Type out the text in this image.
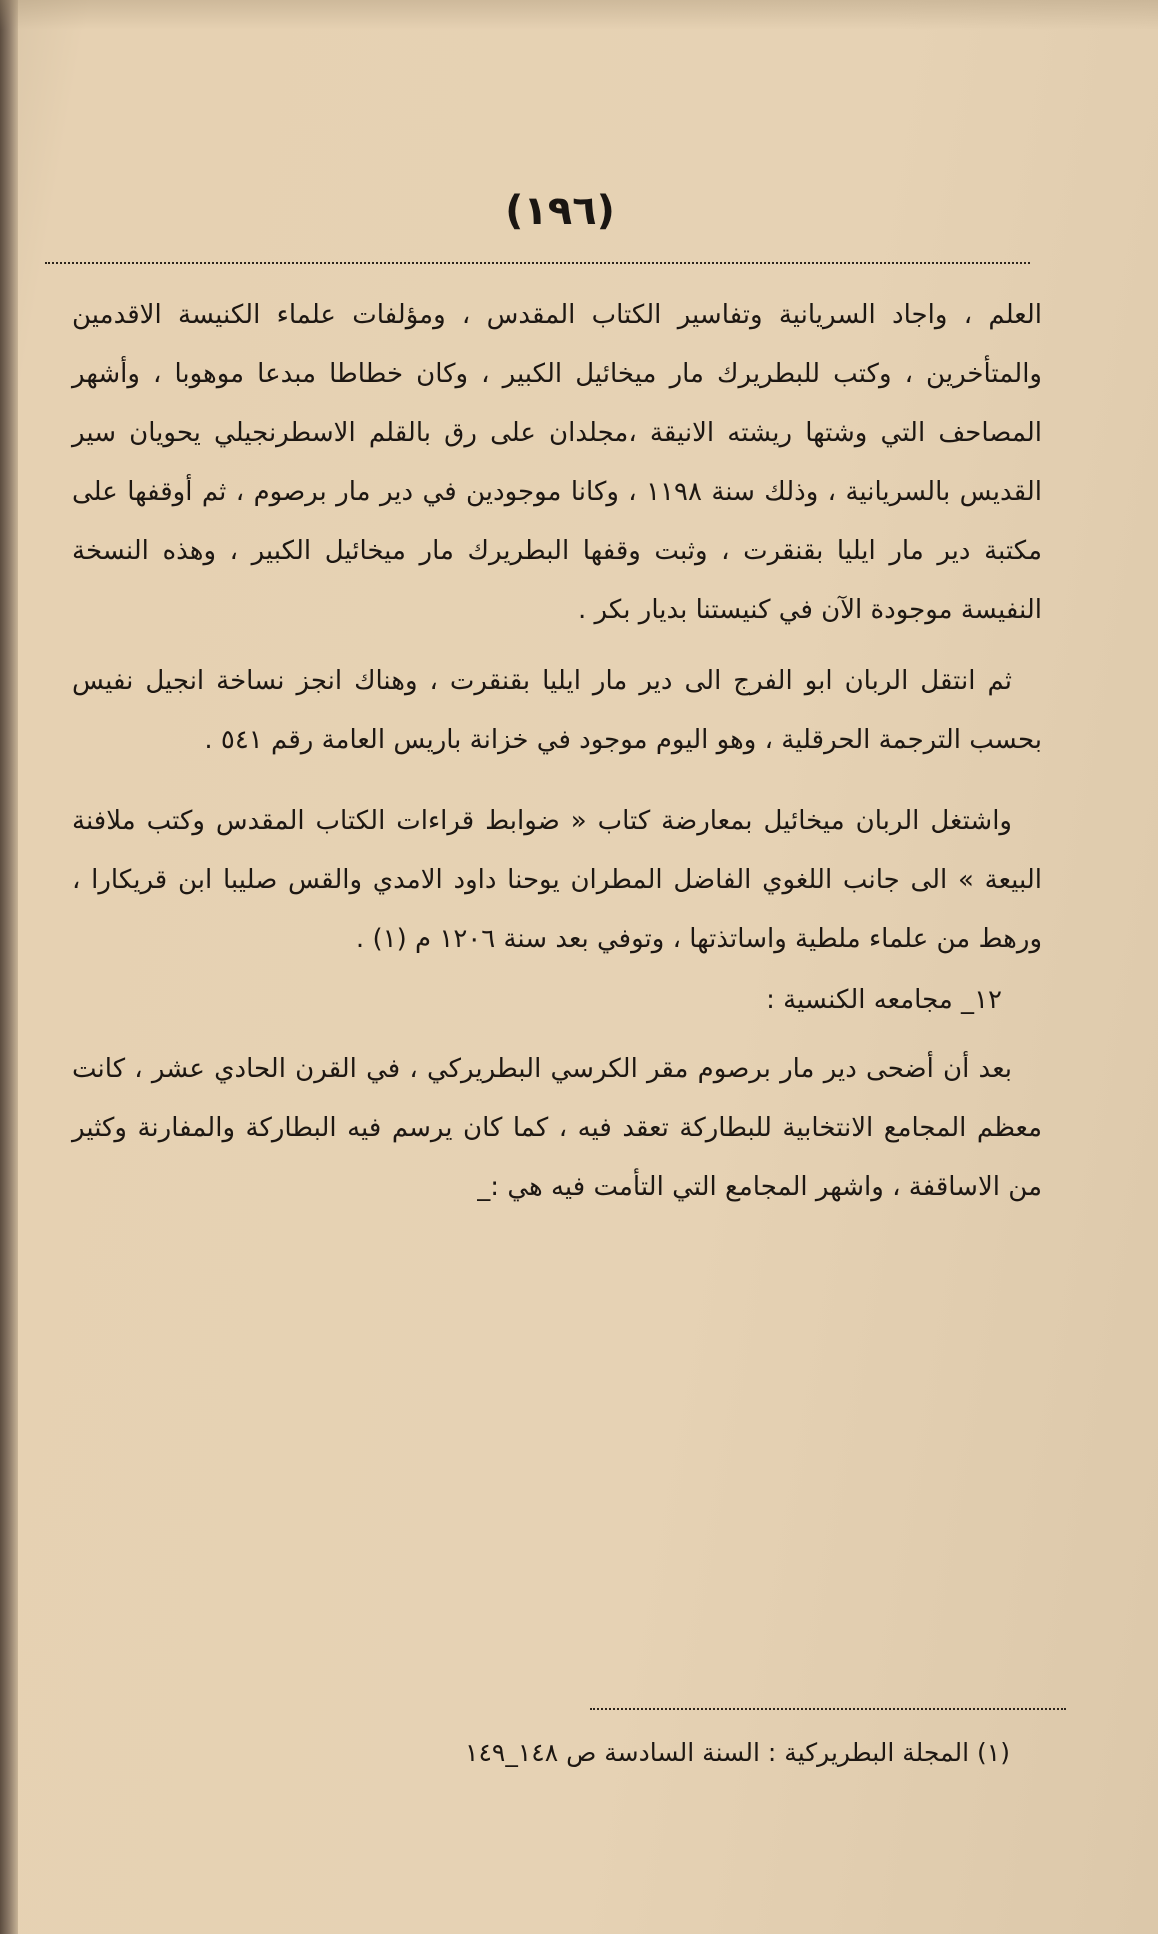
(١٩٦)

العلم ، واجاد السريانية وتفاسير الكتاب المقدس ، ومؤلفات علماء الكنيسة الاقدمين والمتأخرين ، وكتب للبطريرك مار ميخائيل الكبير ، وكان خطاطا مبدعا موهوبا ، وأشهر المصاحف التي وشتها ريشته الانيقة ،مجلدان على رق بالقلم الاسطرنجيلي يحويان سير القديس بالسريانية ، وذلك سنة ١١٩٨ ، وكانا موجودين في دير مار برصوم ، ثم أوقفها على مكتبة دير مار ايليا بقنقرت ، وثبت وقفها البطريرك مار ميخائيل الكبير ، وهذه النسخة النفيسة موجودة الآن في كنيستنا بديار بكر .

ثم انتقل الربان ابو الفرج الى دير مار ايليا بقنقرت ، وهناك انجز نساخة انجيل نفيس بحسب الترجمة الحرقلية ، وهو اليوم موجود في خزانة باريس العامة رقم ٥٤١ .

واشتغل الربان ميخائيل بمعارضة كتاب « ضوابط قراءات الكتاب المقدس وكتب ملافنة البيعة » الى جانب اللغوي الفاضل المطران يوحنا داود الامدي والقس صليبا ابن قريكارا ، ورهط من علماء ملطية واساتذتها ، وتوفي بعد سنة ١٢٠٦ م (١) .

١٢_ مجامعه الكنسية :

بعد أن أضحى دير مار برصوم مقر الكرسي البطريركي ، في القرن الحادي عشر ، كانت معظم المجامع الانتخابية للبطاركة تعقد فيه ، كما كان يرسم فيه البطاركة والمفارنة وكثير من الاساقفة ، واشهر المجامع التي التأمت فيه هي :_

(١) المجلة البطريركية : السنة السادسة ص ١٤٨_١٤٩
